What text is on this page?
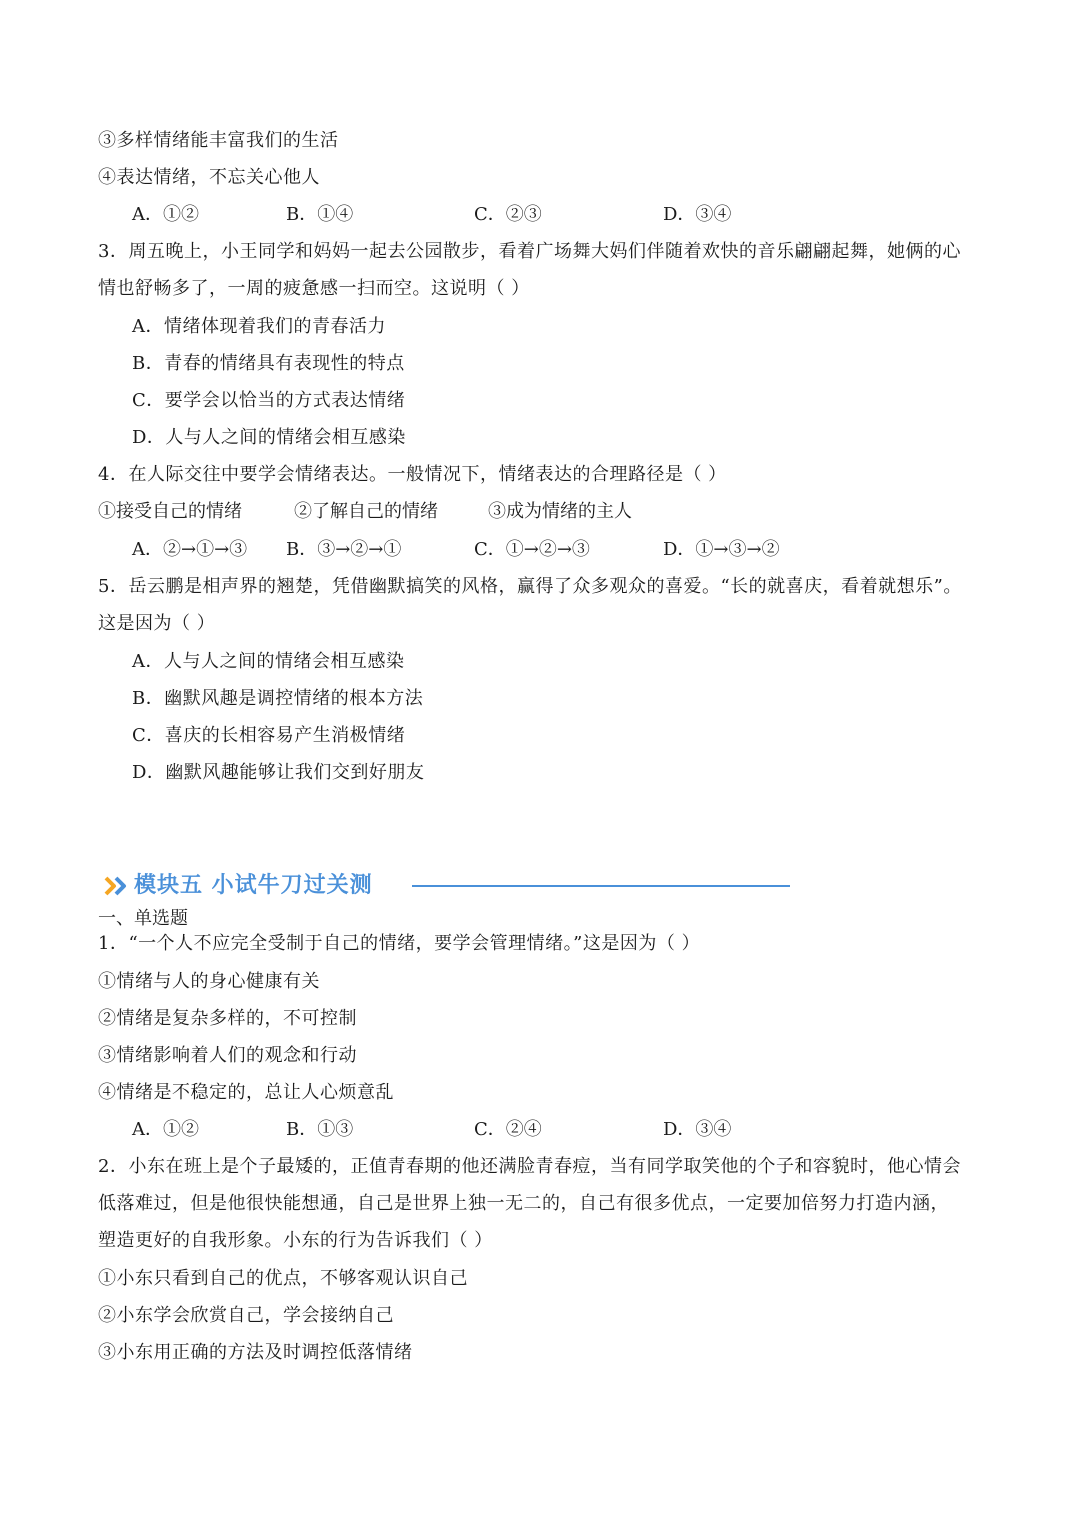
③多样情绪能丰富我们的生活
④表达情绪，不忘关心他人
A．①②	B．①④	C．②③	D．③④
3．周五晚上，小王同学和妈妈一起去公园散步，看着广场舞大妈们伴随着欢快的音乐翩翩起舞，她俩的心
情也舒畅多了，一周的疲惫感一扫而空。这说明（ ）
A．情绪体现着我们的青春活力
B．青春的情绪具有表现性的特点
C．要学会以恰当的方式表达情绪
D．人与人之间的情绪会相互感染
4．在人际交往中要学会情绪表达。一般情况下，情绪表达的合理路径是（ ）
①接受自己的情绪	②了解自己的情绪	③成为情绪的主人
A．②→①→③ B．③→②→①	C．①→②→③	D．①→③→②
5．岳云鹏是相声界的翘楚，凭借幽默搞笑的风格，赢得了众多观众的喜爱。“长的就喜庆，看着就想乐”。
这是因为（ ）
A．人与人之间的情绪会相互感染
B．幽默风趣是调控情绪的根本方法
C．喜庆的长相容易产生消极情绪
D．幽默风趣能够让我们交到好朋友
模块五 小试牛刀过关测
一、单选题
1．“一个人不应完全受制于自己的情绪，要学会管理情绪。”这是因为（ ）
①情绪与人的身心健康有关
②情绪是复杂多样的，不可控制
③情绪影响着人们的观念和行动
④情绪是不稳定的，总让人心烦意乱
A．①②	B．①③	C．②④	D．③④
2．小东在班上是个子最矮的，正值青春期的他还满脸青春痘，当有同学取笑他的个子和容貌时，他心情会
低落难过，但是他很快能想通，自己是世界上独一无二的，自己有很多优点，一定要加倍努力打造内涵，
塑造更好的自我形象。小东的行为告诉我们（ ）
①小东只看到自己的优点，不够客观认识自己
②小东学会欣赏自己，学会接纳自己
③小东用正确的方法及时调控低落情绪
